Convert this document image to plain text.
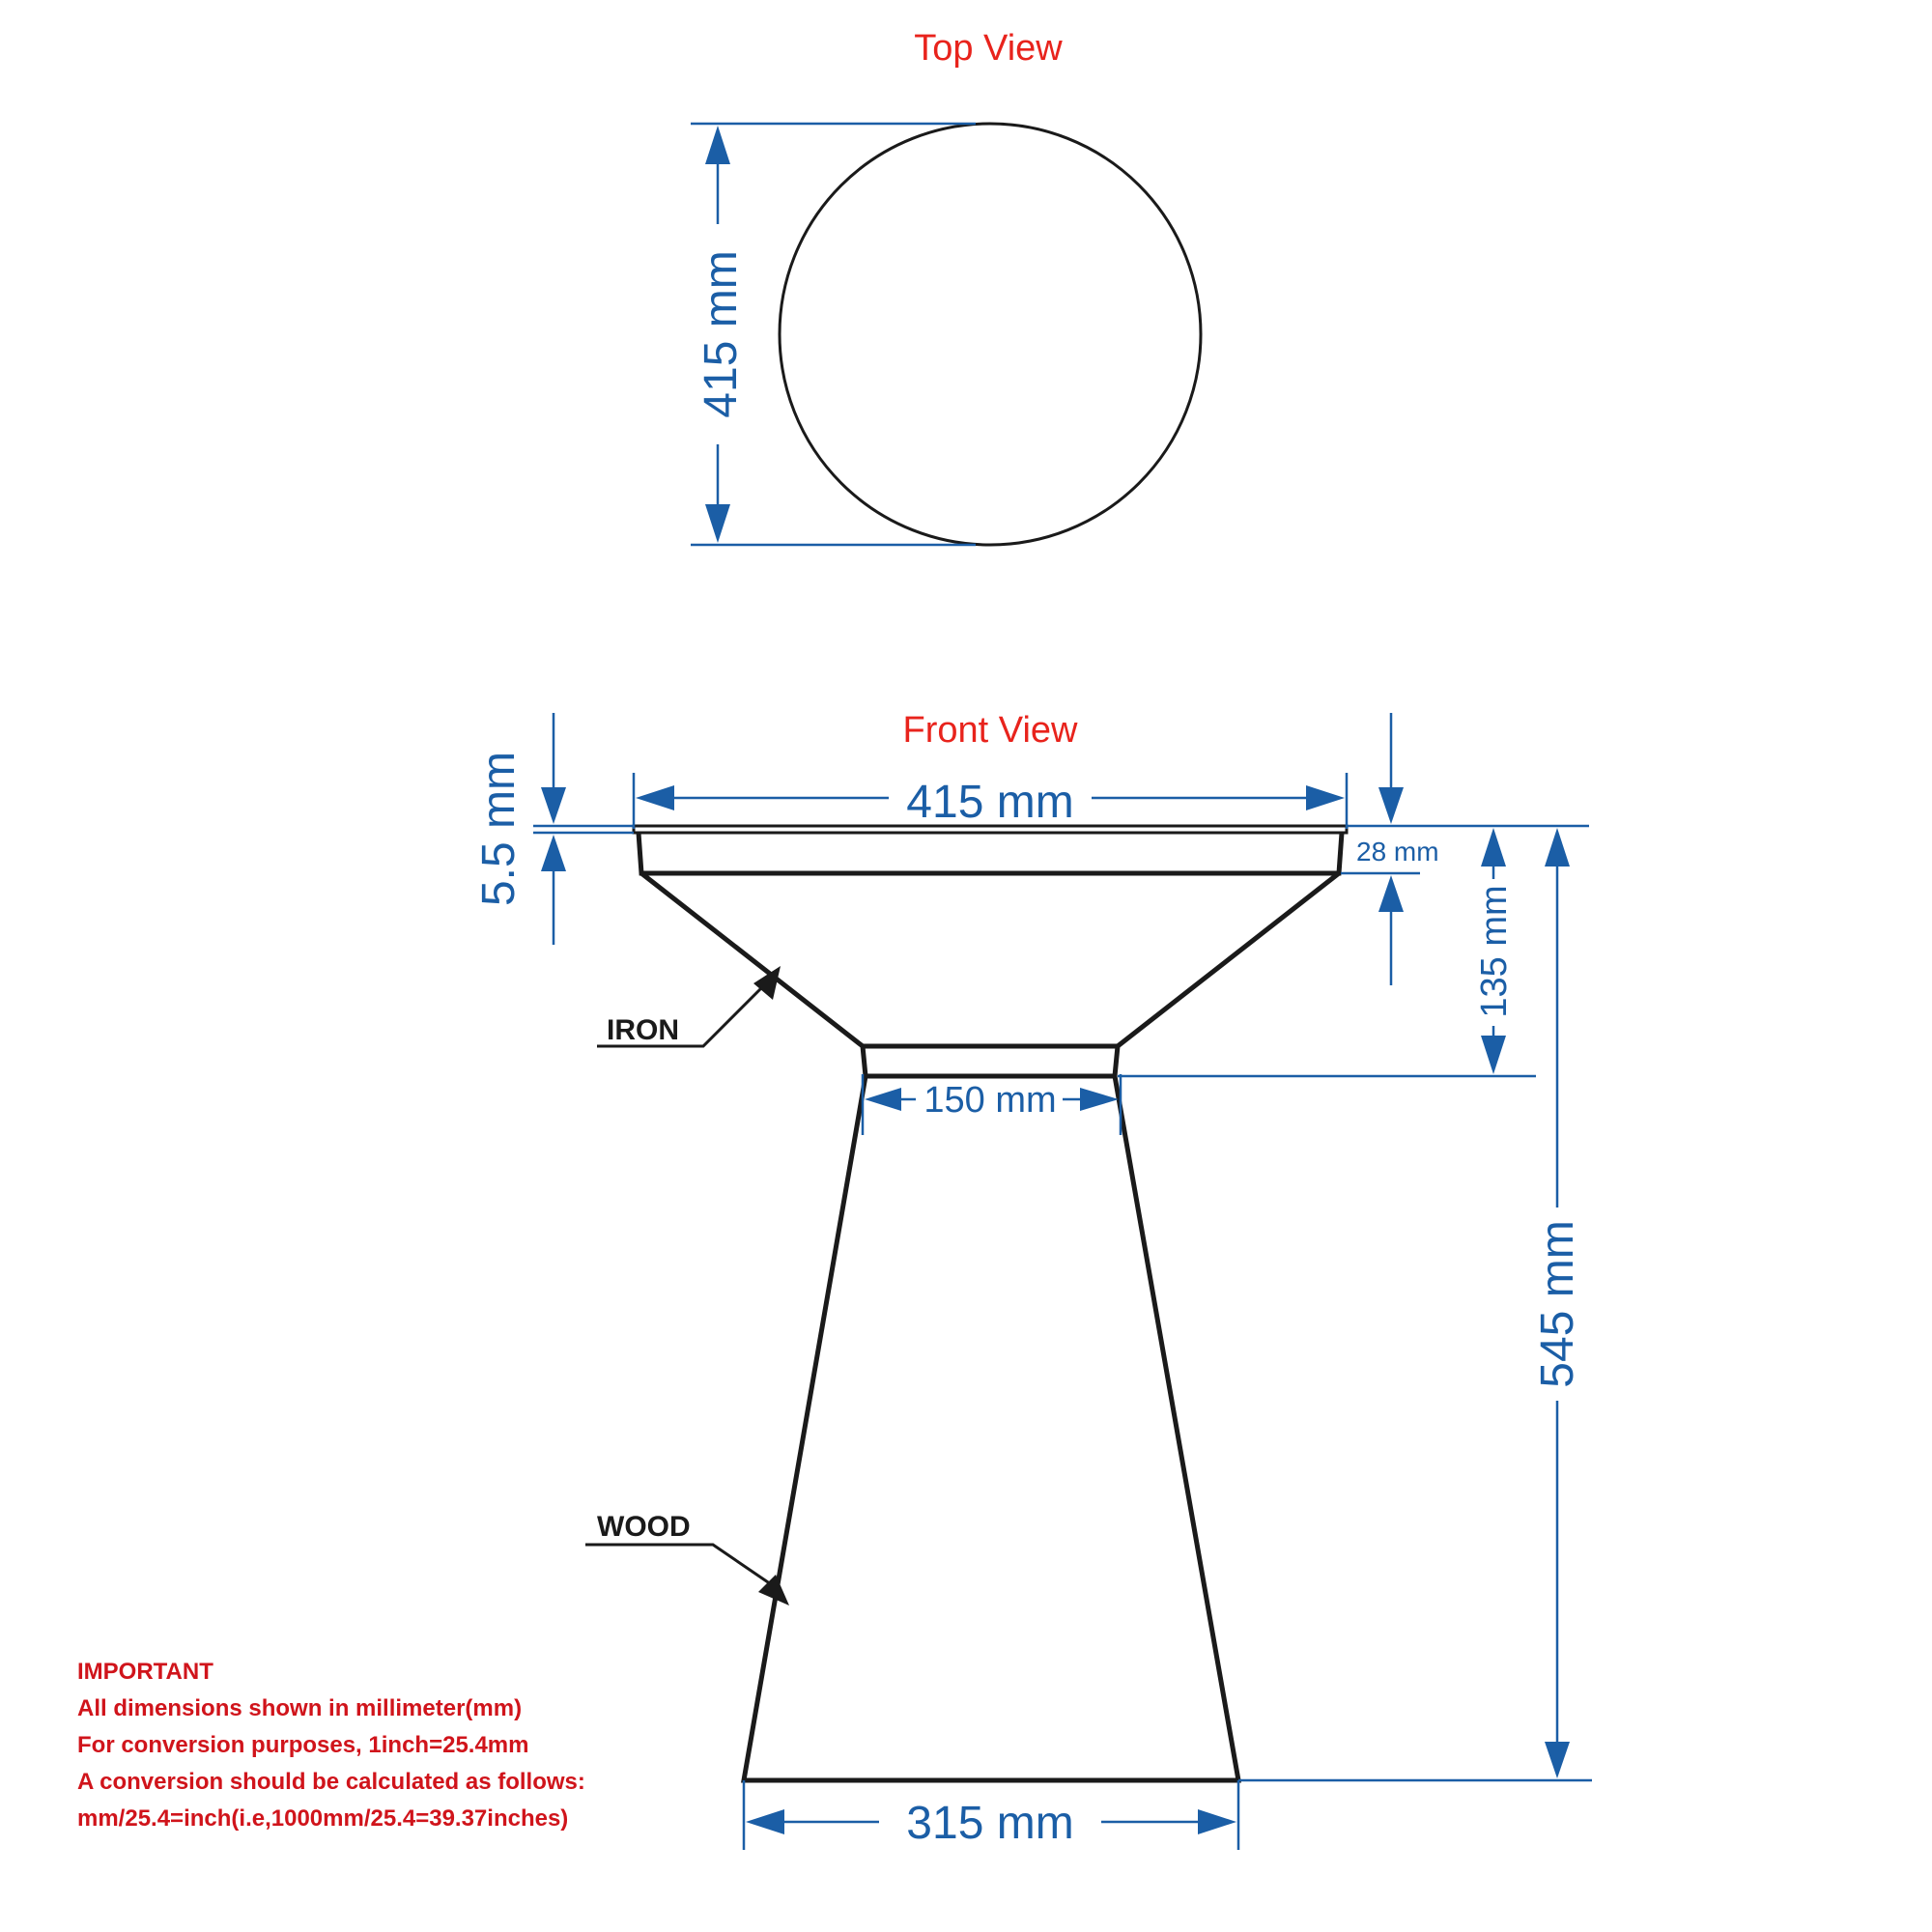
Top View
415 mm
Front View
415 mm
5.5 mm	28 mm
135 mm
545 mm
150 mm
315 mm
IRON
WOOD
IMPORTANT
All dimensions shown in millimeter(mm)
For conversion purposes, 1inch=25.4mm
A conversion should be calculated as follows:
mm/25.4=inch(i.e,1000mm/25.4=39.37inches)
